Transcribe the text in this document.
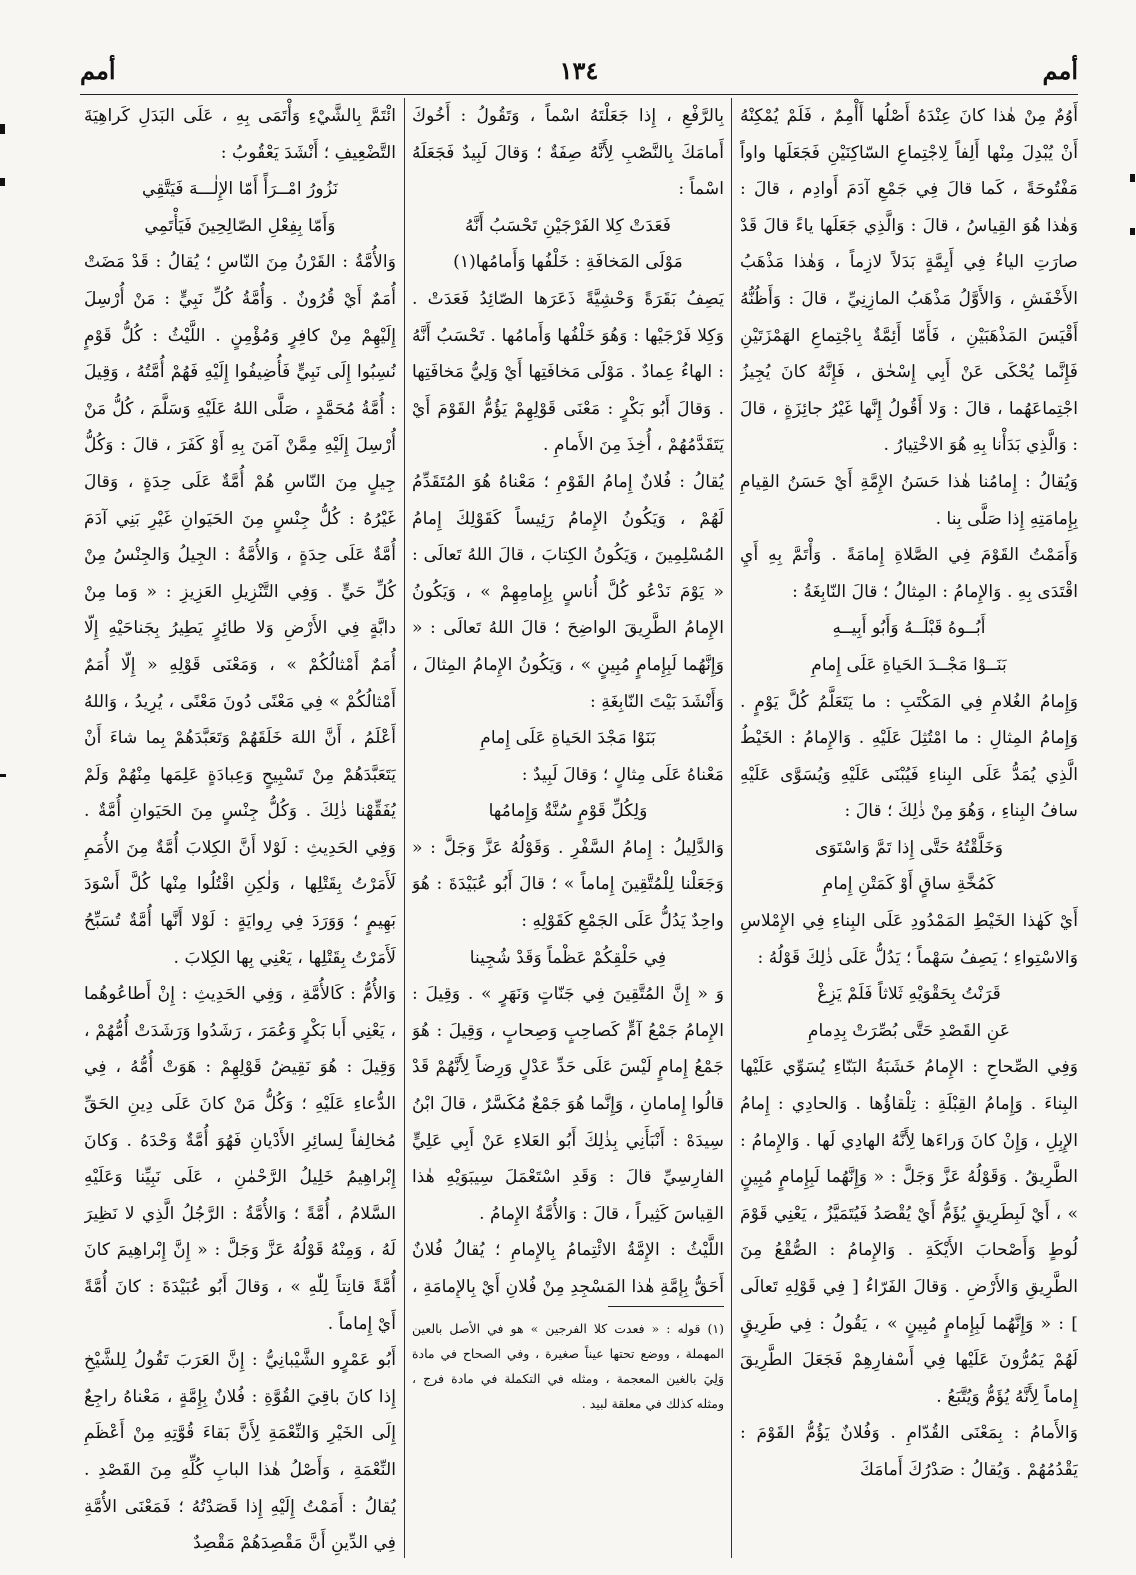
أمم
١٣٤
أمم

أَوُمٌ مِنْ هٰذا كانَ عِنْدَهُ أَصْلُها أَأْمِمٌ ، فَلَمْ يُمْكِنْهُ أَنْ يُبْدِلَ مِنْها أَلِفاً لِاجْتِماعِ السّاكِنَيْنِ فَجَعَلَها واواً مَفْتُوحَةً ، كَما قالَ فِي جَمْعِ آدَمَ أَوادِم ، قالَ : وَهٰذا هُوَ القِياسُ ، قالَ : وَالَّذِي جَعَلَها ياءً قالَ قَدْ صارَتِ الياءُ فِي أَيِمَّةٍ بَدَلاً لازِماً ، وَهٰذا مَذْهَبُ الأَخْفَشِ ، وَالأَوَّلُ مَذْهَبُ المازِنِيِّ ، قالَ : وَأَظُنُّهُ أَقْيَسَ المَذْهَبَيْنِ ، فَأَمّا أَئِمَّةٌ بِاجْتِماعِ الهَمْزَتَيْنِ فَإِنَّما يُحْكَى عَنْ أَبِي إِسْحٰق ، فَإِنَّهُ كانَ يُجِيزُ اجْتِماعَهُما ، قالَ : وَلا أَقُولُ إِنَّها غَيْرُ جائِزَةٍ ، قالَ : وَالَّذِي بَدَأْنا بِهِ هُوَ الاخْتِيارُ .

وَيُقالُ : إِمامُنا هٰذا حَسَنُ الإِمَّةِ أَيْ حَسَنُ القِيامِ بِإِمامَتِهِ إِذا صَلَّى بِنا .

وَأَمَمْتُ القَوْمَ فِي الصَّلاةِ إِمامَةً . وَأْتَمَّ بِهِ أَيِ اقْتَدَى بِهِ . وَالإِمامُ : المِثالُ ؛ قالَ النّابِغَةُ :

أَبُــوهُ قَبْلَــهُ وَأَبُو أَبِيــهِ

بَنَــوْا مَجْــدَ الحَياةِ عَلَى إِمامِ

وَإِمامُ الغُلامِ فِي المَكْتَبِ : ما يَتَعَلَّمُ كُلَّ يَوْمٍ . وَإِمامُ المِثالِ : ما امْتُثِلَ عَلَيْهِ . وَالإِمامُ : الخَيْطُ الَّذِي يُمَدُّ عَلَى البِناءِ فَيُبْنَى عَلَيْهِ وَيُسَوَّى عَلَيْهِ سافُ البِناءِ ، وَهُوَ مِنْ ذٰلِكَ ؛ قالَ :

وَخَلَّقْتُهُ حَتَّى إِذا تَمَّ وَاسْتَوَى

كَمُخَّةِ ساقٍ أَوْ كَمَتْنِ إِمامِ

أَيْ كَهٰذا الخَيْطِ المَمْدُودِ عَلَى البِناءِ فِي الإِمْلاسِ وَالاسْتِواءِ ؛ يَصِفُ سَهْماً ؛ يَدُلُّ عَلَى ذٰلِكَ قَوْلُهُ :

قَرَنْتُ بِحَقْوَيْهِ ثَلاثاً فَلَمْ يَزِغْ

عَنِ القَصْدِ حَتَّى بُصِّرَتْ بِدِمامِ

وَفِي الصِّحاحِ : الإِمامُ خَشَبَةُ البَنّاءِ يُسَوِّي عَلَيْها البِناءَ . وَإِمامُ القِبْلَةِ : تِلْقاؤُها . وَالحادِي : إِمامُ الإِبِلِ ، وَإِنْ كانَ وَراءَها لِأَنَّهُ الهادِي لَها . وَالإِمامُ : الطَّرِيقُ . وَقَوْلُهُ عَزَّ وَجَلَّ : « وَإِنَّهُما لَبِإِمامٍ مُبِينٍ » ، أَيْ لَبِطَرِيقٍ يُؤَمُّ أَيْ يُقْصَدُ فَيُتَمَيَّزُ ، يَعْنِي قَوْمَ لُوطٍ وَأَصْحابَ الأَيْكَةِ . وَالإِمامُ : الصُّقْعُ مِنَ الطَّرِيقِ وَالأَرْضِ . وَقالَ الفَرّاءُ [ فِي قَوْلِهِ تَعالَى ] : « وَإِنَّهُما لَبِإِمامٍ مُبِينٍ » ، يَقُولُ : فِي طَرِيقٍ لَهُمْ يَمُرُّونَ عَلَيْها فِي أَسْفارِهِمْ فَجَعَلَ الطَّرِيقَ إِماماً لِأَنَّهُ يُؤَمُّ وَيُتَّبَعُ .

وَالأَمامُ : بِمَعْنَى القُدّامِ . وَفُلانٌ يَؤُمُّ القَوْمَ : يَقْدُمُهُمْ . وَيُقالُ : صَدْرُكَ أَمامَكَ

بِالرَّفْعِ ، إِذا جَعَلْتَهُ اسْماً ، وَتَقُولُ : أَخُوكَ أَمامَكَ بِالنَّصْبِ لِأَنَّهُ صِفَةٌ ؛ وَقالَ لَبِيدٌ فَجَعَلَهُ اسْماً :

فَعَدَتْ كِلا الفَرْجَيْنِ تَحْسَبُ أَنَّهُ

مَوْلَى المَخافَةِ : خَلْفُها وَأَمامُها(١)

يَصِفُ بَقَرَةً وَحْشِيَّةً ذَعَرَها الصّائِدُ فَعَدَتْ . وَكِلا فَرْجَيْها : وَهُوَ خَلْفُها وَأَمامُها . تَحْسَبُ أَنَّهُ : الهاءُ عِمادٌ . مَوْلَى مَخافَتِها أَيْ وَلِيُّ مَخافَتِها . وَقالَ أَبُو بَكْرٍ : مَعْنَى قَوْلِهِمْ يَؤُمُّ القَوْمَ أَيْ يَتَقَدَّمُهُمْ ، أُخِذَ مِنَ الأَمامِ .

يُقالُ : فُلانٌ إِمامُ القَوْمِ ؛ مَعْناهُ هُوَ المُتَقَدِّمُ لَهُمْ ، وَيَكُونُ الإِمامُ رَئِيساً كَقَوْلِكَ إِمامُ المُسْلِمِينَ ، وَيَكُونُ الكِتابَ ، قالَ اللهُ تَعالَى : « يَوْمَ نَدْعُو كُلَّ أُناسٍ بِإِمامِهِمْ » ، وَيَكُونُ الإِمامُ الطَّرِيقَ الواضِحَ ؛ قالَ اللهُ تَعالَى : « وَإِنَّهُما لَبِإِمامٍ مُبِينٍ » ، وَيَكُونُ الإِمامُ المِثالَ ، وَأَنْشَدَ بَيْتَ النّابِغَةِ :

بَنَوْا مَجْدَ الحَياةِ عَلَى إِمامِ

مَعْناهُ عَلَى مِثالٍ ؛ وَقالَ لَبِيدٌ :

وَلِكُلِّ قَوْمٍ سُنَّةٌ وَإِمامُها

وَالدَّلِيلُ : إِمامُ السَّفْرِ . وَقَوْلُهُ عَزَّ وَجَلَّ : « وَجَعَلْنا لِلْمُتَّقِينَ إِماماً » ؛ قالَ أَبُو عُبَيْدَةَ : هُوَ واحِدٌ يَدُلُّ عَلَى الجَمْعِ كَقَوْلِهِ :

فِي حَلْقِكُمْ عَظْماً وَقَدْ شُجِينا

وَ « إِنَّ المُتَّقِينَ فِي جَنّاتٍ وَنَهَرٍ » . وَقِيلَ : الإِمامُ جَمْعُ آمٍّ كَصاحِبٍ وَصِحابٍ ، وَقِيلَ : هُوَ جَمْعُ إِمامٍ لَيْسَ عَلَى حَدِّ عَدْلٍ وَرِضاً لِأَنَّهُمْ قَدْ قالُوا إِمامانِ ، وَإِنَّما هُوَ جَمْعٌ مُكَسَّرٌ ، قالَ ابْنُ سِيدَهْ : أَنْبَأَنِي بِذٰلِكَ أَبُو العَلاءِ عَنْ أَبِي عَلِيٍّ الفارِسِيِّ قالَ : وَقَدِ اسْتَعْمَلَ سِيبَوَيْهِ هٰذا القِياسَ كَثِيراً ، قالَ : وَالأُمَّةُ الإِمامُ .

اللَّيْثُ : الإِمَّةُ الائْتِمامُ بِالإِمامِ ؛ يُقالُ فُلانٌ أَحَقُّ بِإِمَّةِ هٰذا المَسْجِدِ مِنْ فُلانٍ أَيْ بِالإِمامَةِ ،

(١) قوله : « فعدت كلا الفرجين » هو في الأصل بالعين المهملة ، ووضع تحتها عيناً صغيرة ، وفي الصحاح في مادة وَلِيَ بالغين المعجمة ، ومثله في التكملة في مادة فرج ، ومثله كذلك في معلقة لبيد .

ائْتَمَّ بِالشَّيْءِ وَأْتَمَى بِهِ ، عَلَى البَدَلِ كَراهِيَةَ التَّضْعِيفِ ؛ أَنْشَدَ يَعْقُوبُ :

نَزُورُ امْــرَأً أَمّا الإِلٰـــهَ فَيَتَّقِي

وَأَمّا بِفِعْلِ الصّالِحِينَ فَيَأْتَمِي

وَالأُمَّةُ : القَرْنُ مِنَ النّاسِ ؛ يُقالُ : قَدْ مَضَتْ أُمَمٌ أَيْ قُرُونٌ . وَأُمَّةُ كُلِّ نَبِيٍّ : مَنْ أُرْسِلَ إِلَيْهِمْ مِنْ كافِرٍ وَمُؤْمِنٍ . اللَّيْثُ : كُلُّ قَوْمٍ نُسِبُوا إِلَى نَبِيٍّ فَأُضِيفُوا إِلَيْهِ فَهُمْ أُمَّتُهُ ، وَقِيلَ : أُمَّةُ مُحَمَّدٍ ، صَلَّى اللهُ عَلَيْهِ وَسَلَّمَ ، كُلُّ مَنْ أُرْسِلَ إِلَيْهِ مِمَّنْ آمَنَ بِهِ أَوْ كَفَرَ ، قالَ : وَكُلُّ جِيلٍ مِنَ النّاسِ هُمْ أُمَّةٌ عَلَى حِدَةٍ ، وَقالَ غَيْرُهُ : كُلُّ جِنْسٍ مِنَ الحَيَوانِ غَيْرِ بَنِي آدَمَ أُمَّةٌ عَلَى حِدَةٍ ، وَالأُمَّةُ : الجِيلُ وَالجِنْسُ مِنْ كُلِّ حَيٍّ . وَفِي التَّنْزِيلِ العَزِيزِ : « وَما مِنْ دابَّةٍ فِي الأَرْضِ وَلا طائِرٍ يَطِيرُ بِجَناحَيْهِ إِلّا أُمَمٌ أَمْثالُكُمْ » ، وَمَعْنَى قَوْلِهِ « إِلّا أُمَمٌ أَمْثالُكُمْ » فِي مَعْنًى دُونَ مَعْنًى ، يُرِيدُ ، وَاللهُ أَعْلَمُ ، أَنَّ اللهَ خَلَقَهُمْ وَتَعَبَّدَهُمْ بِما شاءَ أَنْ يَتَعَبَّدَهُمْ مِنْ تَسْبِيحٍ وَعِبادَةٍ عَلِمَها مِنْهُمْ وَلَمْ يُفَقِّهْنا ذٰلِكَ . وَكُلُّ جِنْسٍ مِنَ الحَيَوانِ أُمَّةٌ . وَفِي الحَدِيثِ : لَوْلا أَنَّ الكِلابَ أُمَّةٌ مِنَ الأُمَمِ لَأَمَرْتُ بِقَتْلِها ، وَلٰكِنِ اقْتُلُوا مِنْها كُلَّ أَسْوَدَ بَهِيمٍ ؛ وَوَرَدَ فِي رِوايَةٍ : لَوْلا أَنَّها أُمَّةٌ تُسَبِّحُ لَأَمَرْتُ بِقَتْلِها ، يَعْنِي بِها الكِلابَ .

وَالأُمُّ : كَالأُمَّةِ ، وَفِي الحَدِيثِ : إِنْ أَطاعُوهُما ، يَعْنِي أَبا بَكْرٍ وَعُمَرَ ، رَشَدُوا وَرَشَدَتْ أُمُّهُمْ ، وَقِيلَ : هُوَ نَقِيضُ قَوْلِهِمْ : هَوَتْ أُمُّهُ ، فِي الدُّعاءِ عَلَيْهِ ؛ وَكُلُّ مَنْ كانَ عَلَى دِينِ الحَقِّ مُخالِفاً لِسائِرِ الأَدْيانِ فَهُوَ أُمَّةٌ وَحْدَهُ . وَكانَ إِبْراهِيمُ خَلِيلُ الرَّحْمٰنِ ، عَلَى نَبِيِّنا وَعَلَيْهِ السَّلامُ ، أُمَّةً ؛ وَالأُمَّةُ : الرَّجُلُ الَّذِي لا نَظِيرَ لَهُ ، وَمِنْهُ قَوْلُهُ عَزَّ وَجَلَّ : « إِنَّ إِبْراهِيمَ كانَ أُمَّةً قانِتاً لِلّٰهِ » ، وَقالَ أَبُو عُبَيْدَةَ : كانَ أُمَّةً أَيْ إِماماً .

أَبُو عَمْرٍو الشَّيْبانِيُّ : إِنَّ العَرَبَ تَقُولُ لِلشَّيْخِ إِذا كانَ باقِيَ القُوَّةِ : فُلانٌ بِإِمَّةٍ ، مَعْناهُ راجِعٌ إِلَى الخَيْرِ وَالنِّعْمَةِ لِأَنَّ بَقاءَ قُوَّتِهِ مِنْ أَعْظَمِ النِّعْمَةِ ، وَأَصْلُ هٰذا البابِ كُلِّهِ مِنَ القَصْدِ . يُقالُ : أَمَمْتُ إِلَيْهِ إِذا قَصَدْتُهُ ؛ فَمَعْنَى الأُمَّةِ فِي الدِّينِ أَنَّ مَقْصِدَهُمْ مَقْصِدٌ
